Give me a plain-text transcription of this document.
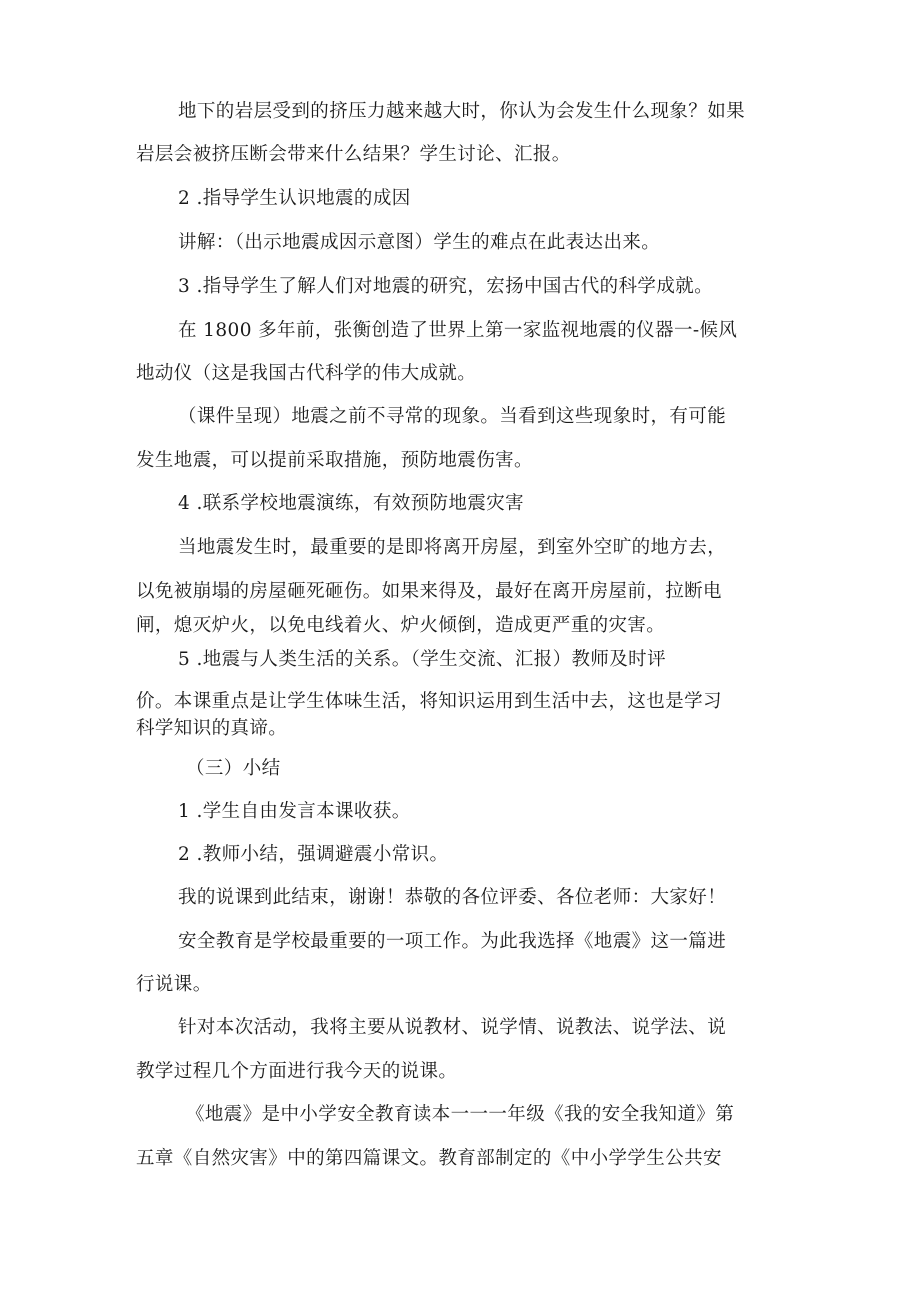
地下的岩层受到的挤压力越来越大时，你认为会发生什么现象？如果
岩层会被挤压断会带来什么结果？学生讨论、汇报。
2 .指导学生认识地震的成因
讲解：（出示地震成因示意图）学生的难点在此表达出来。
3 .指导学生了解人们对地震的研究，宏扬中国古代的科学成就。
在 1800 多年前，张衡创造了世界上第一家监视地震的仪器一-候风
地动仪（这是我国古代科学的伟大成就。
（课件呈现）地震之前不寻常的现象。当看到这些现象时，有可能
发生地震，可以提前采取措施，预防地震伤害。
4 .联系学校地震演练，有效预防地震灾害
当地震发生时，最重要的是即将离开房屋，到室外空旷的地方去，
以免被崩塌的房屋砸死砸伤。如果来得及，最好在离开房屋前，拉断电
闸，熄灭炉火，以免电线着火、炉火倾倒，造成更严重的灾害。
5 .地震与人类生活的关系。（学生交流、汇报）教师及时评
价。本课重点是让学生体味生活，将知识运用到生活中去，这也是学习
科学知识的真谛。
（三）小结
1 .学生自由发言本课收获。
2 .教师小结，强调避震小常识。
我的说课到此结束，谢谢！恭敬的各位评委、各位老师：大家好！
安全教育是学校最重要的一项工作。为此我选择《地震》这一篇进
行说课。
针对本次活动，我将主要从说教材、说学情、说教法、说学法、说
教学过程几个方面进行我今天的说课。
《地震》是中小学安全教育读本一一一年级《我的安全我知道》第
五章《自然灾害》中的第四篇课文。教育部制定的《中小学学生公共安
